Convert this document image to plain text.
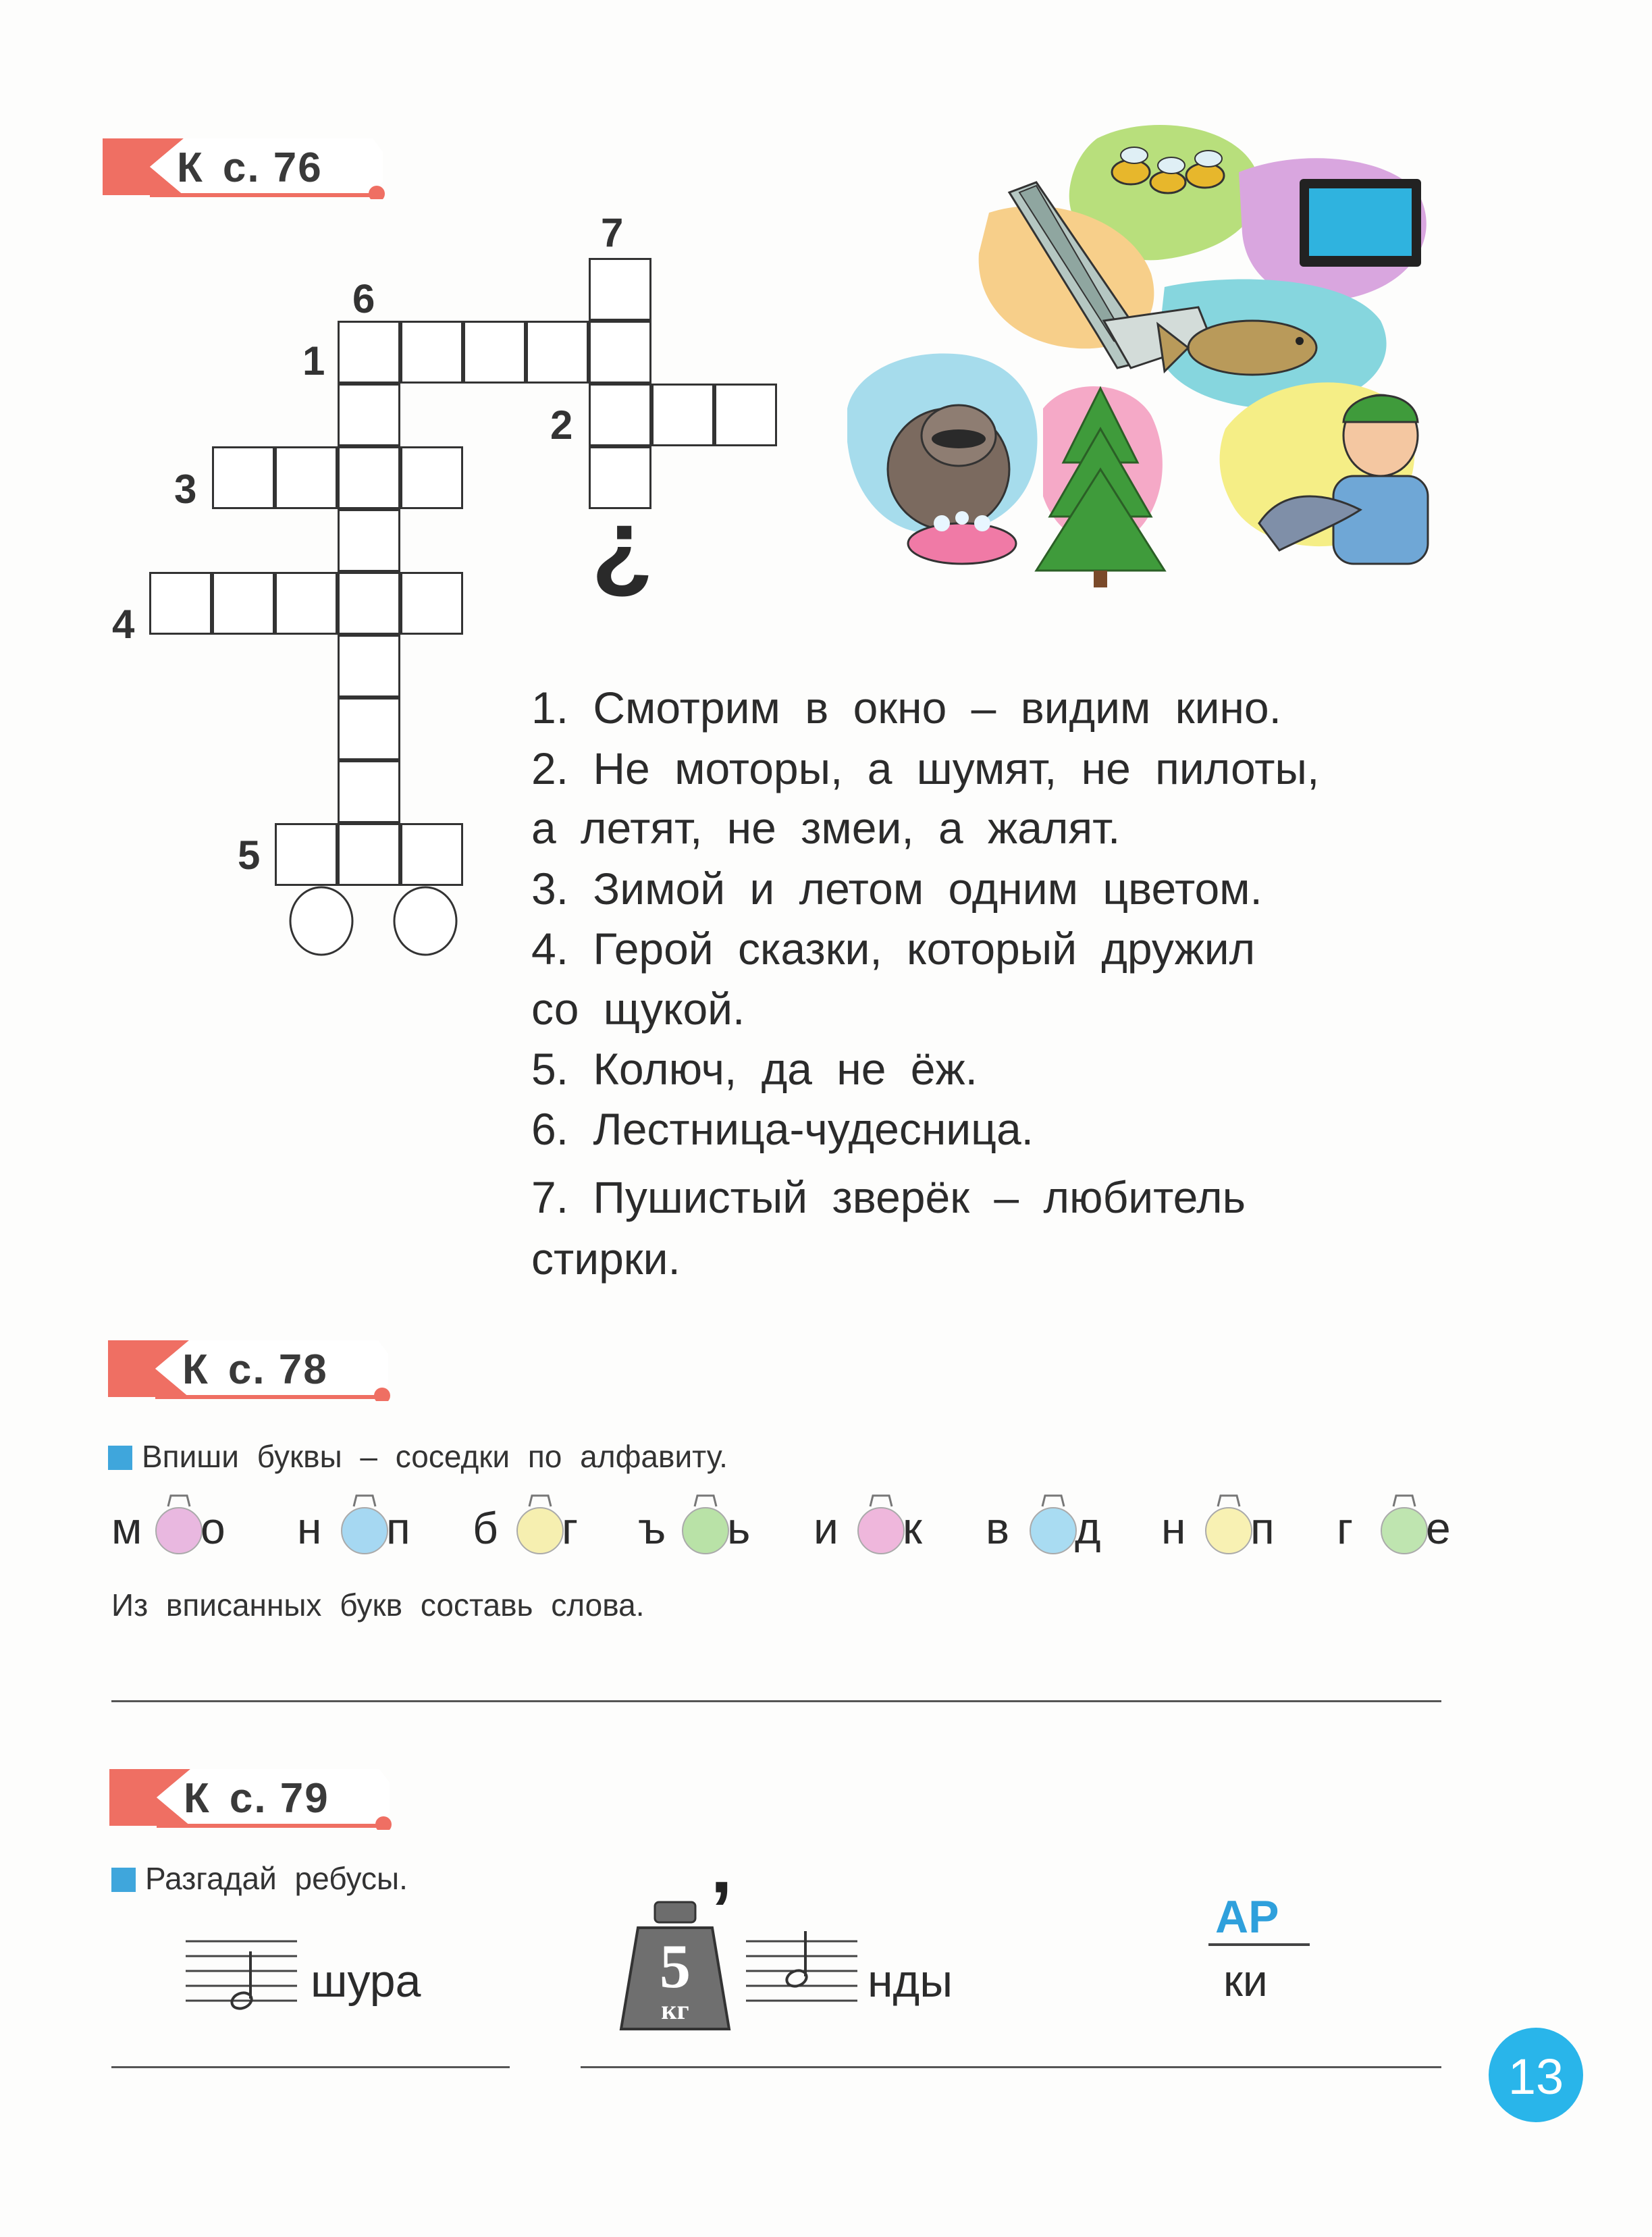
К с. 76
1
2
3
4
5
6
7
¿
1. Смотрим в окно – видим кино.
2. Не моторы, а шумят, не пилоты,
а летят, не змеи, а жалят.
3. Зимой и летом одним цветом.
4. Герой сказки, который дружил
со щукой.
5. Колюч, да не ёж.
6. Лестница-чудесница.
7. Пушистый зверёк – любитель
стирки.
К с. 78
Впиши буквы – соседки по алфавиту.
м о н п б г ъ ь и к в д н п г е
Из вписанных букв составь слова.
К с. 79
Разгадай ребусы.
шура	5
кг
’
нды
АР
ки
13
